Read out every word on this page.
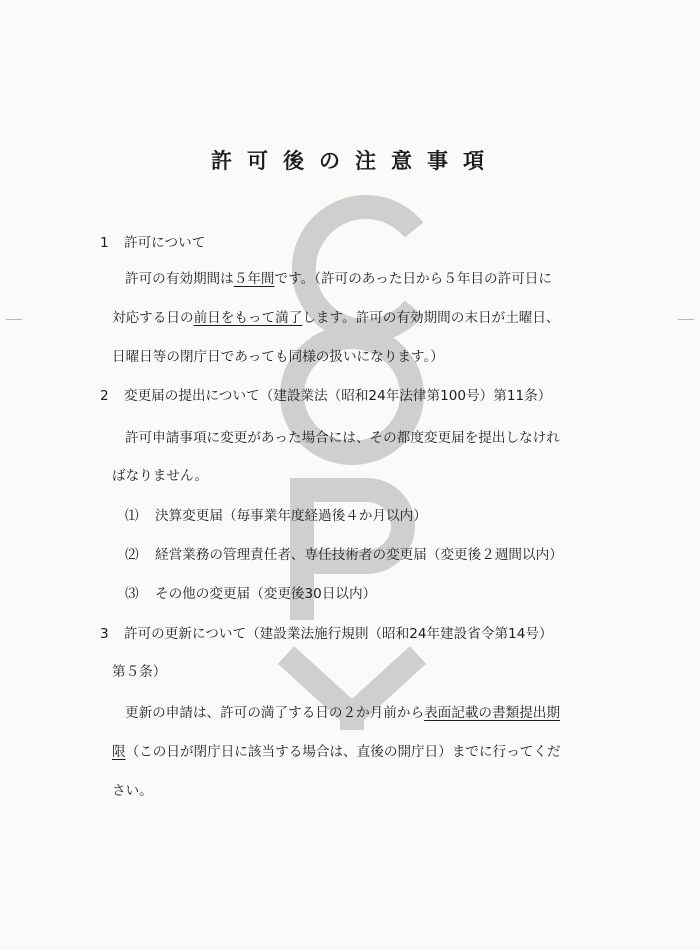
許可後の注意事項
1 許可について
許可の有効期間は５年間です。（許可のあった日から５年目の許可日に
対応する日の前日をもって満了します。許可の有効期間の末日が土曜日、
日曜日等の閉庁日であっても同様の扱いになります。）
2 変更届の提出について（建設業法（昭和24年法律第100号）第11条）
許可申請事項に変更があった場合には、その都度変更届を提出しなけれ
ばなりません。
⑴ 決算変更届（毎事業年度経過後４か月以内）
⑵ 経営業務の管理責任者、専任技術者の変更届（変更後２週間以内）
⑶ その他の変更届（変更後30日以内）
3 許可の更新について（建設業法施行規則（昭和24年建設省令第14号）
第５条）
更新の申請は、許可の満了する日の２か月前から表面記載の書類提出期
限（この日が閉庁日に該当する場合は、直後の開庁日）までに行ってくだ
さい。
